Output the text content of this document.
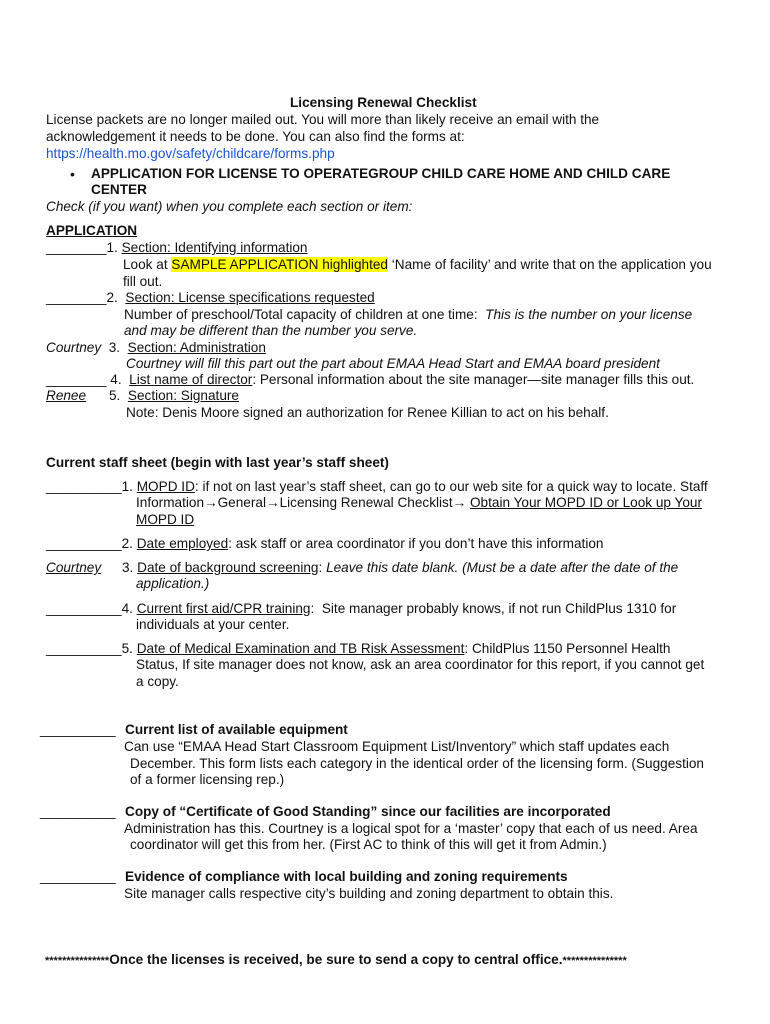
Licensing Renewal Checklist
License packets are no longer mailed out. You will more than likely receive an email with the
acknowledgement it needs to be done. You can also find the forms at:
https://health.mo.gov/safety/childcare/forms.php
• APPLICATION FOR LICENSE TO OPERATEGROUP CHILD CARE HOME AND CHILD CARE
CENTER
Check (if you want) when you complete each section or item:
APPLICATION
________1. Section: Identifying information
Look at SAMPLE APPLICATION highlighted ‘Name of facility’ and write that on the application you
fill out.
________2.  Section: License specifications requested
Number of preschool/Total capacity of children at one time:  This is the number on your license
and may be different than the number you serve.
Courtney  3.  Section: Administration
Courtney will fill this part out the part about EMAA Head Start and EMAA board president
________ 4.  List name of director: Personal information about the site manager—site manager fills this out.
Renee 5.  Section: Signature
Note: Denis Moore signed an authorization for Renee Killian to act on his behalf.
Current staff sheet (begin with last year’s staff sheet)
__________1. MOPD ID: if not on last year’s staff sheet, can go to our web site for a quick way to locate. Staff
Information→General→Licensing Renewal Checklist→ Obtain Your MOPD ID or Look up Your
MOPD ID
__________2. Date employed: ask staff or area coordinator if you don’t have this information
Courtney 3. Date of background screening: Leave this date blank. (Must be a date after the date of the
application.)
__________4. Current first aid/CPR training:  Site manager probably knows, if not run ChildPlus 1310 for
individuals at your center.
__________5. Date of Medical Examination and TB Risk Assessment: ChildPlus 1150 Personnel Health
Status, If site manager does not know, ask an area coordinator for this report, if you cannot get
a copy.
__________ Current list of available equipment
Can use “EMAA Head Start Classroom Equipment List/Inventory” which staff updates each
December. This form lists each category in the identical order of the licensing form. (Suggestion
of a former licensing rep.)
__________ Copy of “Certificate of Good Standing” since our facilities are incorporated
Administration has this. Courtney is a logical spot for a ‘master’ copy that each of us need. Area
coordinator will get this from her. (First AC to think of this will get it from Admin.)
__________ Evidence of compliance with local building and zoning requirements
Site manager calls respective city’s building and zoning department to obtain this.
***************Once the licenses is received, be sure to send a copy to central office.***************
